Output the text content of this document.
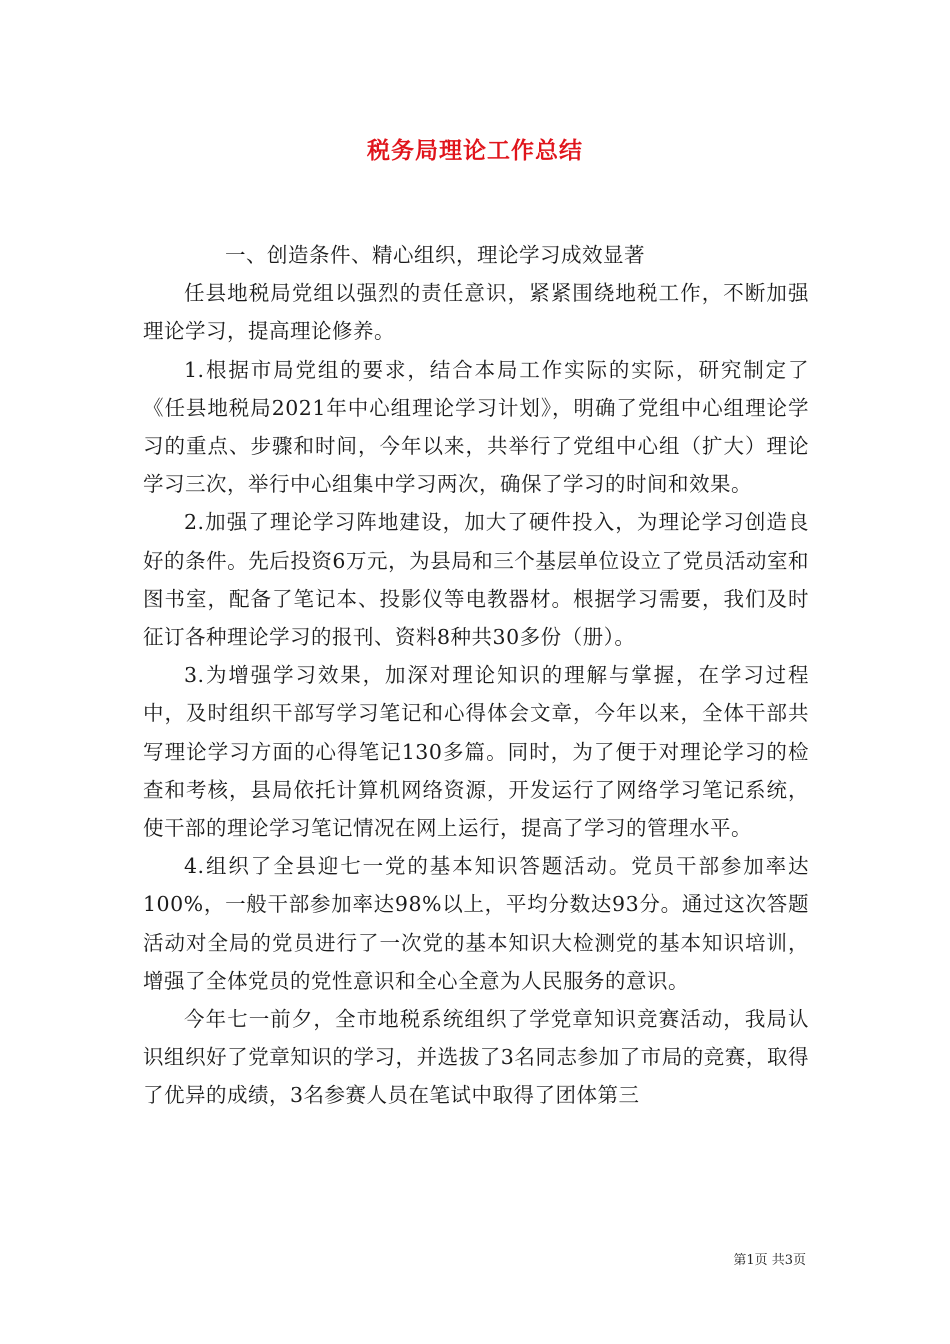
税务局理论工作总结

一、创造条件、精心组织，理论学习成效显著

任县地税局党组以强烈的责任意识，紧紧围绕地税工作，不断加强理论学习，提高理论修养。

1.根据市局党组的要求，结合本局工作实际的实际，研究制定了《任县地税局2021年中心组理论学习计划》，明确了党组中心组理论学习的重点、步骤和时间，今年以来，共举行了党组中心组（扩大）理论学习三次，举行中心组集中学习两次，确保了学习的时间和效果。

2.加强了理论学习阵地建设，加大了硬件投入，为理论学习创造良好的条件。先后投资6万元，为县局和三个基层单位设立了党员活动室和图书室，配备了笔记本、投影仪等电教器材。根据学习需要，我们及时征订各种理论学习的报刊、资料8种共30多份（册）。

3.为增强学习效果，加深对理论知识的理解与掌握，在学习过程中，及时组织干部写学习笔记和心得体会文章，今年以来，全体干部共写理论学习方面的心得笔记130多篇。同时，为了便于对理论学习的检查和考核，县局依托计算机网络资源，开发运行了网络学习笔记系统，使干部的理论学习笔记情况在网上运行，提高了学习的管理水平。

4.组织了全县迎七一党的基本知识答题活动。党员干部参加率达100%，一般干部参加率达98%以上，平均分数达93分。通过这次答题活动对全局的党员进行了一次党的基本知识大检测党的基本知识培训，增强了全体党员的党性意识和全心全意为人民服务的意识。

今年七一前夕，全市地税系统组织了学党章知识竞赛活动，我局认识组织好了党章知识的学习，并选拔了3名同志参加了市局的竞赛，取得了优异的成绩，3名参赛人员在笔试中取得了团体第三

第1页 共3页
